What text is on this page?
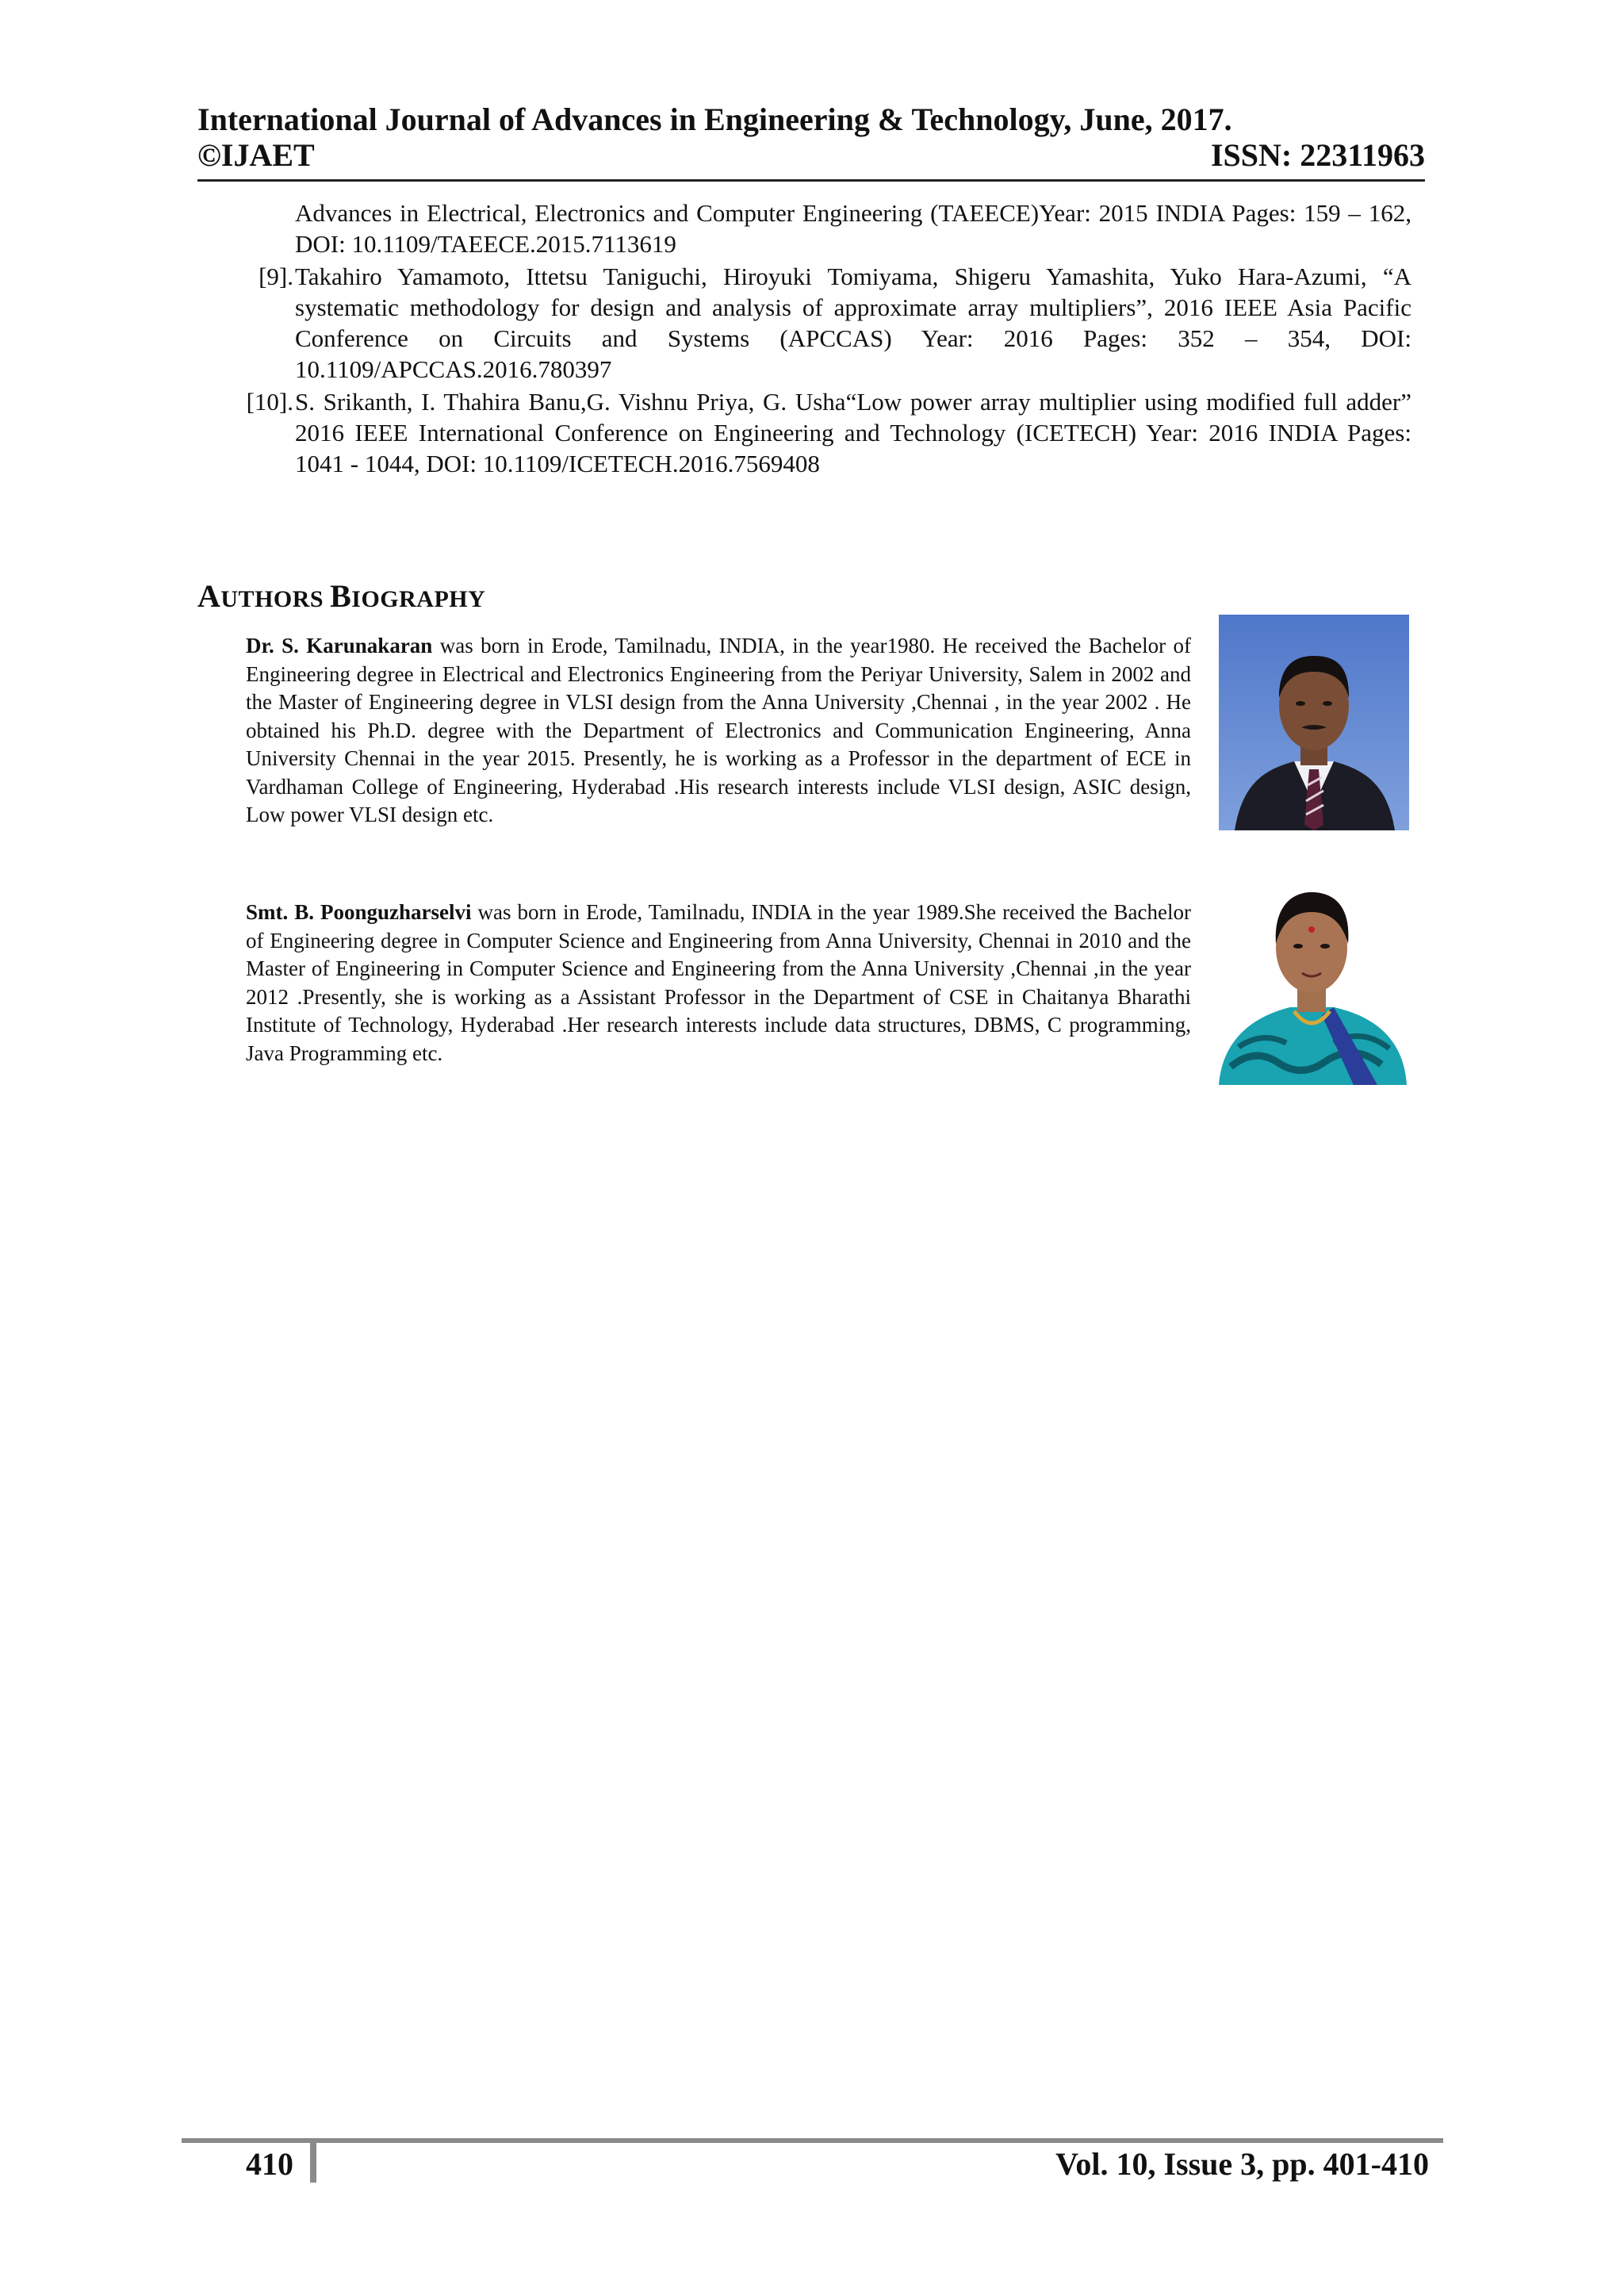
International Journal of Advances in Engineering & Technology, June, 2017.
©IJAET	ISSN: 22311963
Advances in Electrical, Electronics and Computer Engineering (TAEECE)Year: 2015 INDIA Pages: 159 – 162, DOI: 10.1109/TAEECE.2015.7113619
[9]. Takahiro Yamamoto, Ittetsu Taniguchi, Hiroyuki Tomiyama, Shigeru Yamashita, Yuko Hara-Azumi, “A systematic methodology for design and analysis of approximate array multipliers”, 2016 IEEE Asia Pacific Conference on Circuits and Systems (APCCAS) Year: 2016 Pages: 352 – 354, DOI: 10.1109/APCCAS.2016.780397
[10]. S. Srikanth, I. Thahira Banu,G. Vishnu Priya, G. Usha“Low power array multiplier using modified full adder” 2016 IEEE International Conference on Engineering and Technology (ICETECH) Year: 2016 INDIA Pages: 1041 - 1044, DOI: 10.1109/ICETECH.2016.7569408
AUTHORS BIOGRAPHY
Dr. S. Karunakaran was born in Erode, Tamilnadu, INDIA, in the year1980. He received the Bachelor of Engineering degree in Electrical and Electronics Engineering from the Periyar University, Salem in 2002 and the Master of Engineering degree in VLSI design from the Anna University ,Chennai , in the year 2002 . He obtained his Ph.D. degree with the Department of Electronics and Communication Engineering, Anna University Chennai in the year 2015. Presently, he is working as a Professor in the department of ECE in Vardhaman College of Engineering, Hyderabad .His research interests include VLSI design, ASIC design, Low power VLSI design etc.
Smt. B. Poonguzharselvi was born in Erode, Tamilnadu, INDIA in the year 1989.She received the Bachelor of Engineering degree in Computer Science and Engineering from Anna University, Chennai in 2010 and the Master of Engineering in Computer Science and Engineering from the Anna University ,Chennai ,in the year 2012 .Presently, she is working as a Assistant Professor in the Department of CSE in Chaitanya Bharathi Institute of Technology, Hyderabad .Her research interests include data structures, DBMS, C programming, Java Programming etc.
410	Vol. 10, Issue 3, pp. 401-410
